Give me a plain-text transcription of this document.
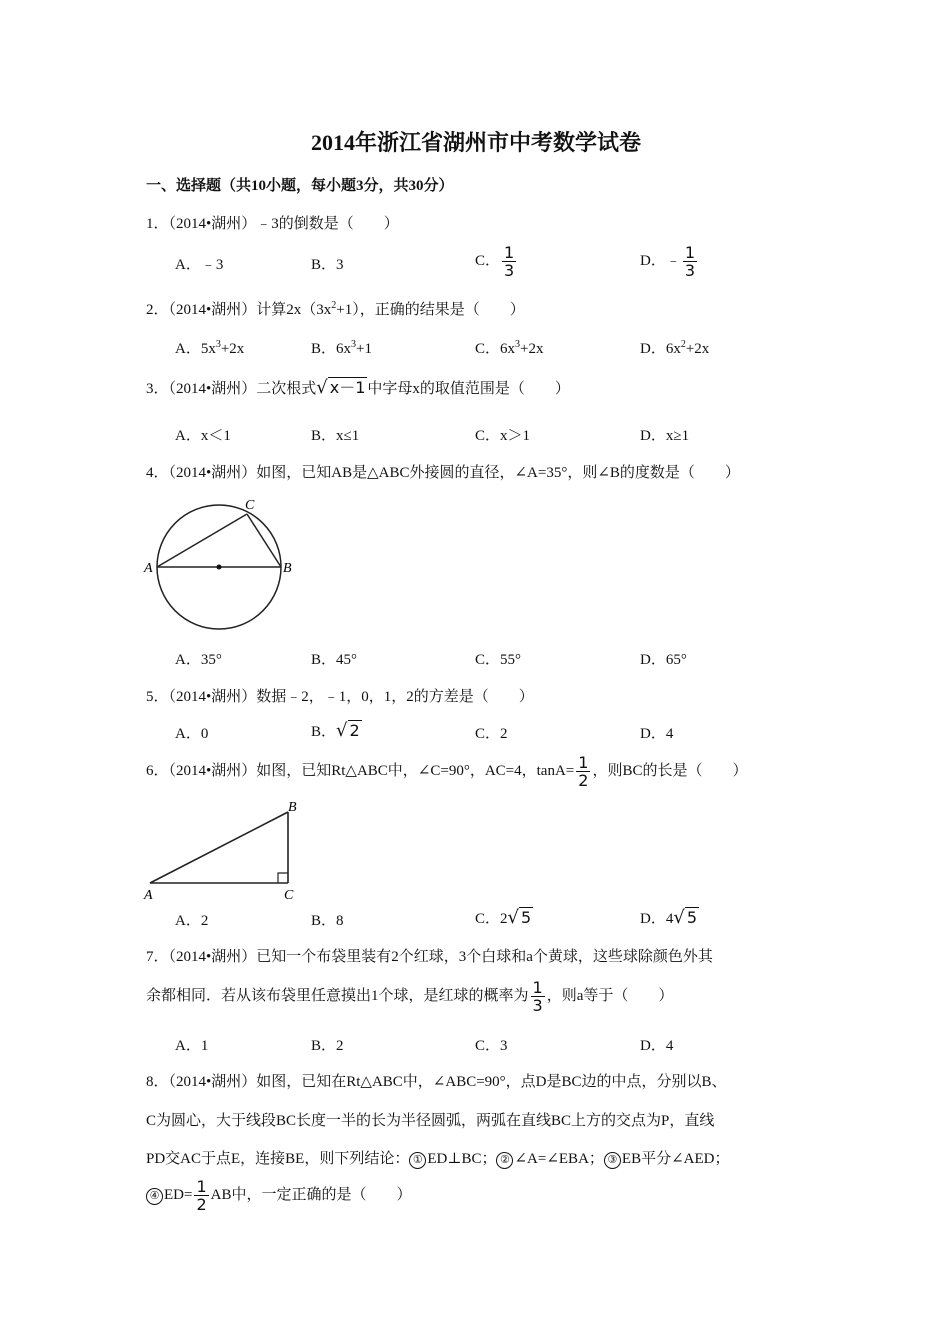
2014年浙江省湖州市中考数学试卷
一、选择题（共10小题，每小题3分，共30分）
1．（2014•湖州）﹣3的倒数是（　　）
A．﹣3	B．3	C． $\frac{1}{3}$	D．﹣ $\frac{1}{3}$
2．（2014•湖州）计算$2x(3x^2+1)$，正确的结果是（　　）
A．$5x^3+2x$	B．$6x^3+1$	C．$6x^3+2x$	D．$6x^2+2x$
3．（2014•湖州）二次根式√ x－1 中字母x的取值范围是（　　）
A．x＜1	B．x≤1	C．x＞1	D．x≥1
4．（2014•湖州）如图，已知AB是△ABC外接圆的直径，∠A=35°，则∠B的度数是（　　）
A	B
C
A．35°	B．45°	C．55°	D．65°
5．（2014•湖州）数据﹣2，﹣1，0，1，2的方差是（　　）
A．0	B．√ 2	C．2	D．4
6．（2014•湖州）如图，已知Rt△ABC中，∠C=90°，AC=4，$\tan A= \frac{1}{2}$ ，则BC的长是（　　）
A
B
C
A．2	B．8	C．2√ 5	D．4√ 5
7．（2014•湖州）已知一个布袋里装有2个红球，3个白球和a个黄球，这些球除颜色外其
余都相同．若从该布袋里任意摸出1个球，是红球的概率为 $\frac{1}{3}$ ，则a等于（　　）
A．1	B．2	C．3	D．4
8．（2014•湖州）如图，已知在Rt△ABC中，∠ABC=90°，点D是BC边的中点，分别以B、
C为圆心，大于线段BC长度一半的长为半径圆弧，两弧在直线BC上方的交点为P，直线
PD交AC于点E，连接BE，则下列结论： ① ED⊥BC； ② ∠A=∠EBA； ③ EB平分∠AED；
④ $ED= \frac{1}{2}$ AB中，一定正确的是（　　）
